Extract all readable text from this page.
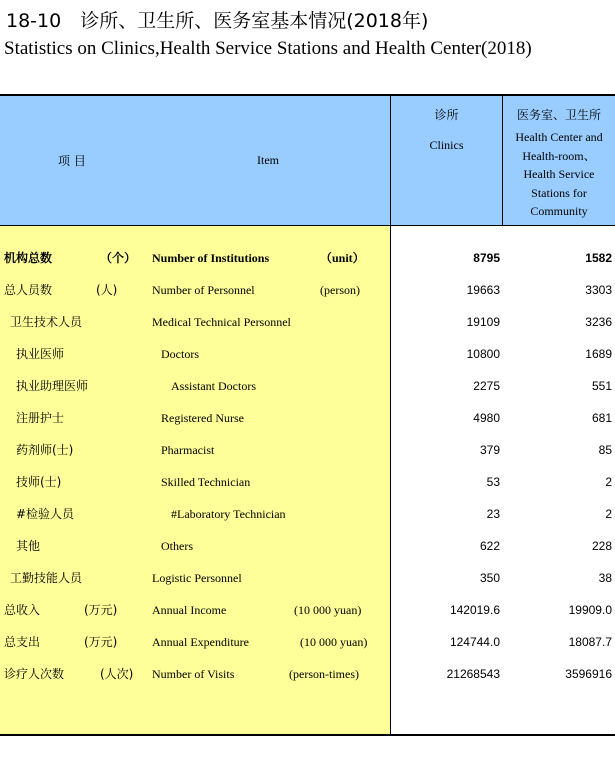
18-10　诊所、卫生所、医务室基本情况(2018年)
Statistics on Clinics,Health Service Stations and Health Center(2018)
项 目	Item
诊所
Clinics
医务室、卫生所
Health Center and
Health-room、
Health Service
Stations for
Community
机构总数	（个） Number of Institutions	（unit）	8795	1582
总人员数	(人)	Number of Personnel	(person)	19663	3303
卫生技术人员	Medical Technical Personnel	19109	3236
执业医师	Doctors	10800	1689
执业助理医师	Assistant Doctors	2275	551
注册护士	Registered Nurse	4980	681
药剂师(士)	Pharmacist	379	85
技师(士)	Skilled Technician	53	2
#检验人员	#Laboratory Technician	23	2
其他	Others	622	228
工勤技能人员	Logistic Personnel	350	38
总收入	(万元)	Annual Income	(10 000 yuan)	142019.6	19909.0
总支出	(万元)	Annual Expenditure	(10 000 yuan)	124744.0	18087.7
诊疗人次数	(人次) Number of Visits	(person-times)	21268543	3596916
